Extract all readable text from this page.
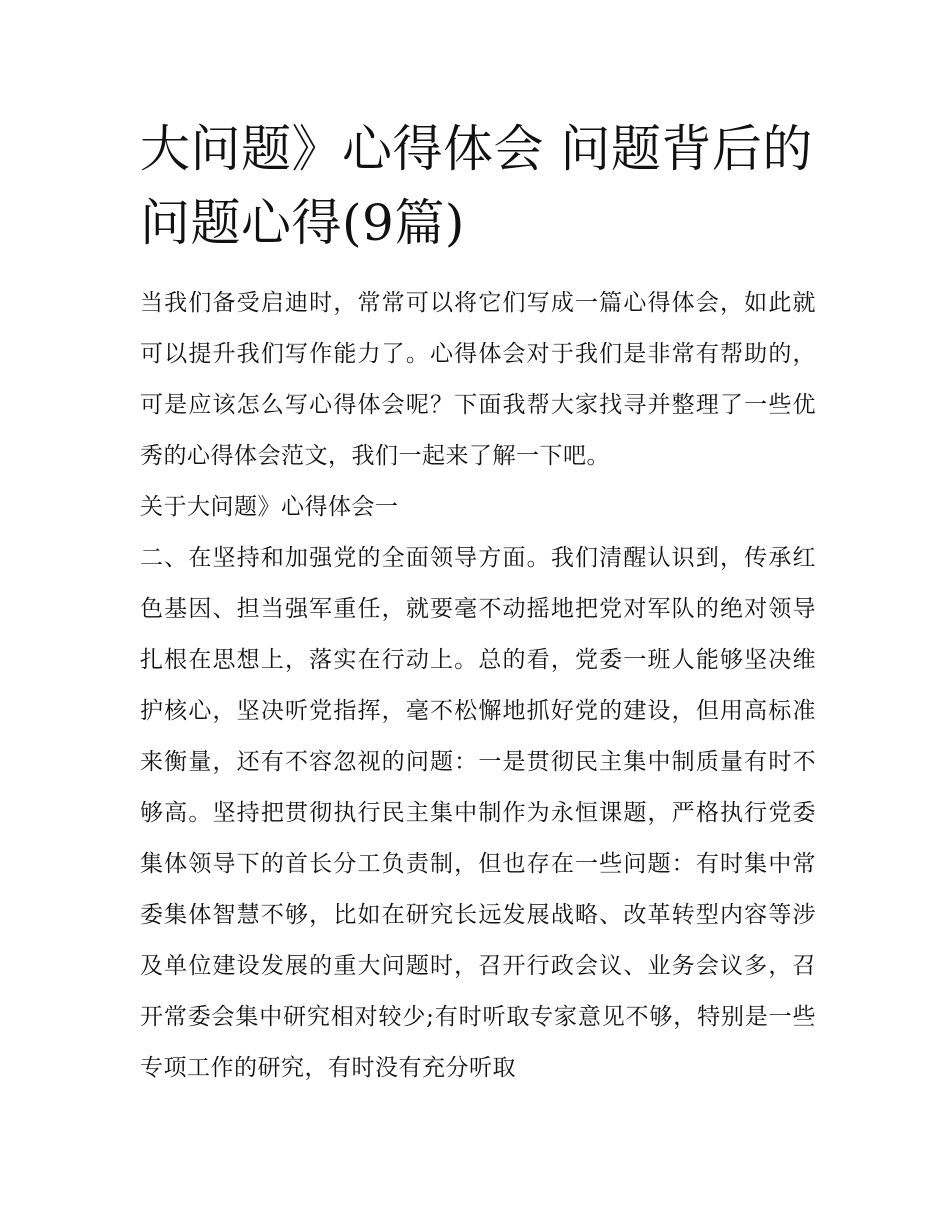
大问题》心得体会 问题背后的问题心得(9篇)

当我们备受启迪时，常常可以将它们写成一篇心得体会，如此就可以提升我们写作能力了。心得体会对于我们是非常有帮助的，可是应该怎么写心得体会呢？下面我帮大家找寻并整理了一些优秀的心得体会范文，我们一起来了解一下吧。

关于大问题》心得体会一

二、在坚持和加强党的全面领导方面。我们清醒认识到，传承红色基因、担当强军重任，就要毫不动摇地把党对军队的绝对领导扎根在思想上，落实在行动上。总的看，党委一班人能够坚决维护核心，坚决听党指挥，毫不松懈地抓好党的建设，但用高标准来衡量，还有不容忽视的问题：一是贯彻民主集中制质量有时不够高。坚持把贯彻执行民主集中制作为永恒课题，严格执行党委集体领导下的首长分工负责制，但也存在一些问题：有时集中常委集体智慧不够，比如在研究长远发展战略、改革转型内容等涉及单位建设发展的重大问题时，召开行政会议、业务会议多，召开常委会集中研究相对较少;有时听取专家意见不够，特别是一些专项工作的研究，有时没有充分听取
